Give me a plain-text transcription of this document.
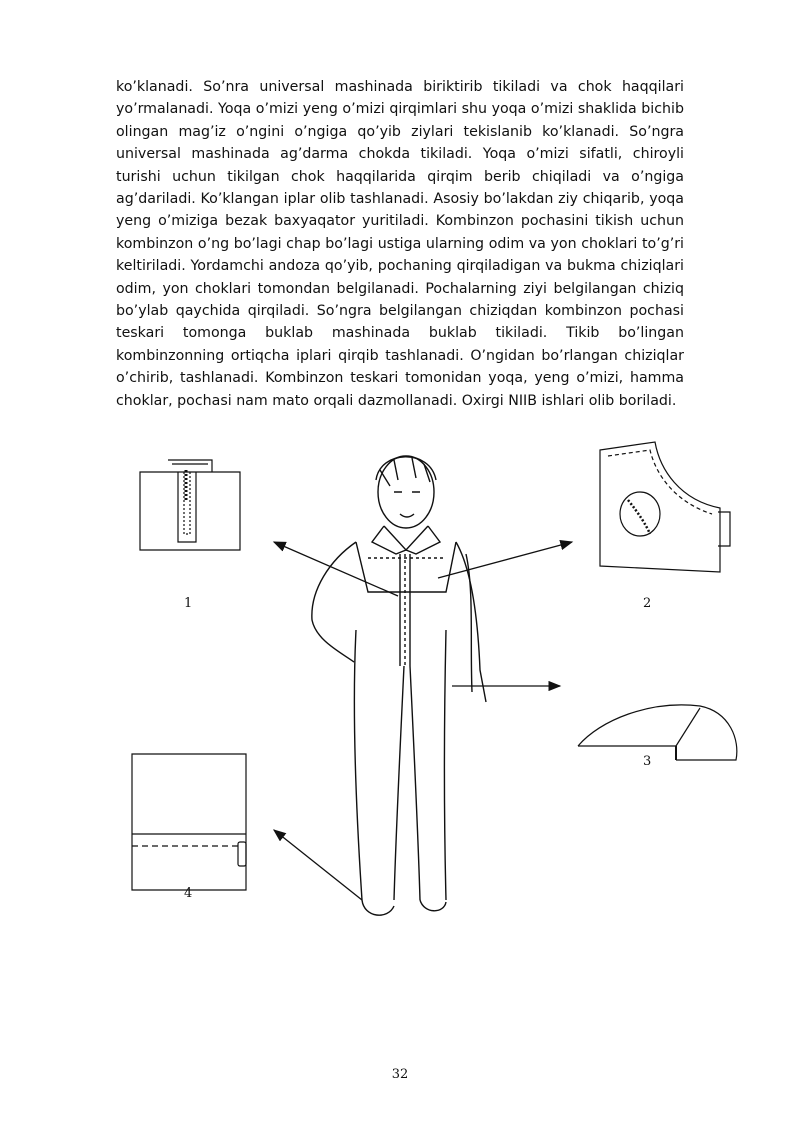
ko’klanadi. So’nra universal mashinada biriktirib tikiladi va chok haqqilari yo’rmalanadi. Yoqa o’mizi yeng o’mizi qirqimlari shu yoqa o’mizi shaklida bichib olingan mag’iz o’ngini o’ngiga qo’yib ziylari tekislanib ko’klanadi. So’ngra universal mashinada ag’darma chokda tikiladi. Yoqa o’mizi sifatli, chiroyli turishi uchun tikilgan chok haqqilarida qirqim berib chiqiladi va o’ngiga ag’dariladi. Ko’klangan iplar olib tashlanadi. Asosiy bo’lakdan ziy chiqarib, yoqa yeng o’miziga bezak baxyaqator yuritiladi. Kombinzon pochasini tikish uchun kombinzon o’ng bo’lagi chap bo’lagi ustiga ularning odim va yon choklari to’g’ri keltiriladi. Yordamchi andoza qo’yib, pochaning qirqiladigan va bukma chiziqlari odim, yon choklari tomondan belgilanadi. Pochalarning ziyi belgilangan chiziq bo’ylab qaychida qirqiladi. So’ngra belgilangan chiziqdan kombinzon pochasi teskari tomonga buklab mashinada buklab tikiladi. Tikib bo’lingan kombinzonning ortiqcha iplari qirqib tashlanadi. O’ngidan bo’rlangan chiziqlar o’chirib, tashlanadi. Kombinzon teskari tomonidan yoqa, yeng o’mizi, hamma choklar, pochasi nam mato orqali dazmollanadi. Oxirgi NIIB ishlari olib boriladi.

1	2
3
4
32
